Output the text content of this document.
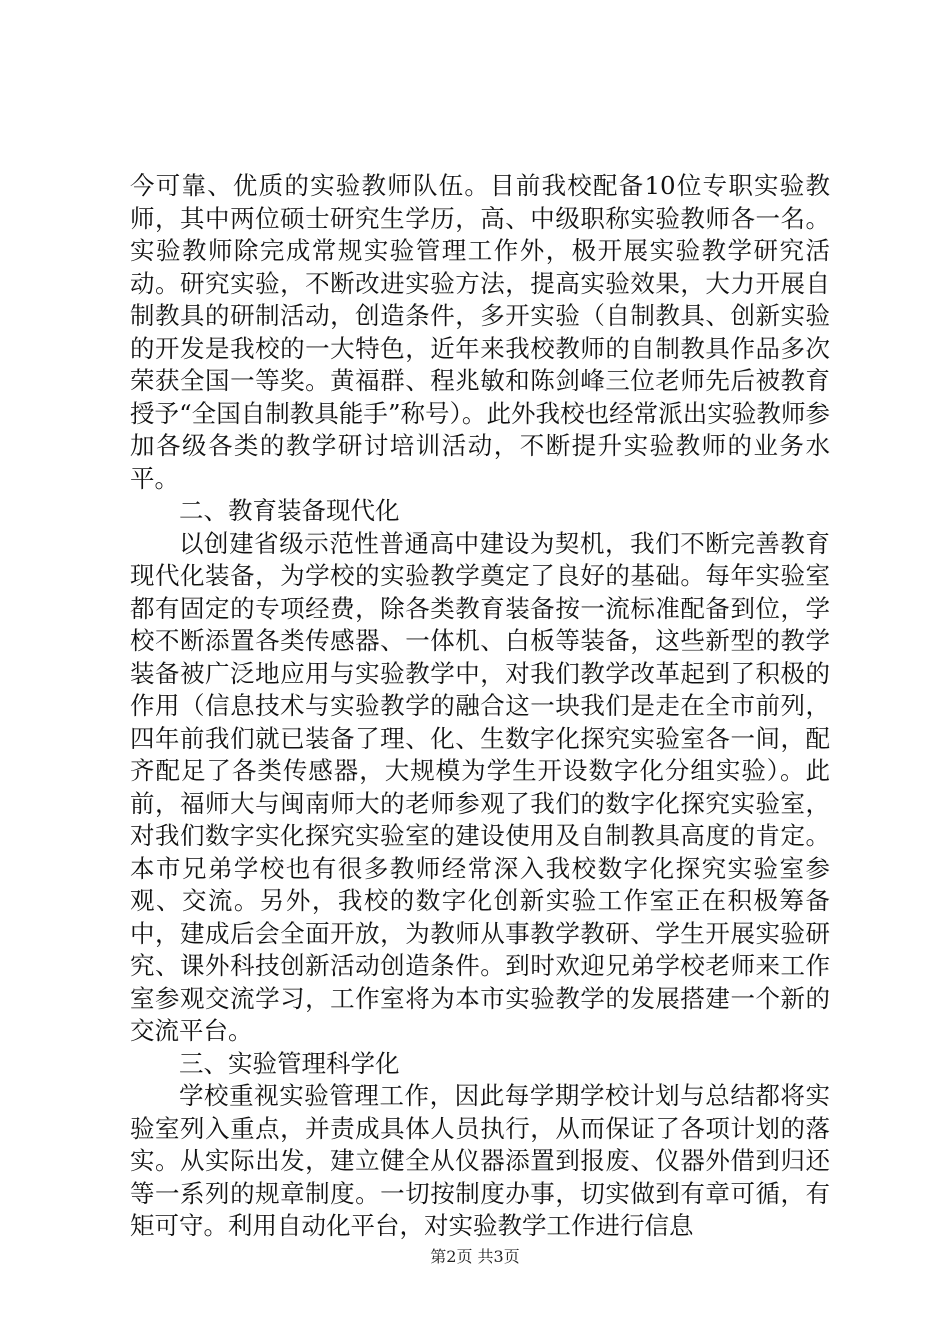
今可靠、优质的实验教师队伍。目前我校配备10位专职实验教师，其中两位硕士研究生学历，高、中级职称实验教师各一名。实验教师除完成常规实验管理工作外，极开展实验教学研究活动。研究实验，不断改进实验方法，提高实验效果，大力开展自制教具的研制活动，创造条件，多开实验（自制教具、创新实验的开发是我校的一大特色，近年来我校教师的自制教具作品多次荣获全国一等奖。黄福群、程兆敏和陈剑峰三位老师先后被教育授予“全国自制教具能手”称号）。此外我校也经常派出实验教师参加各级各类的教学研讨培训活动，不断提升实验教师的业务水平。

二、教育装备现代化

以创建省级示范性普通高中建设为契机，我们不断完善教育现代化装备，为学校的实验教学奠定了良好的基础。每年实验室都有固定的专项经费，除各类教育装备按一流标准配备到位，学校不断添置各类传感器、一体机、白板等装备，这些新型的教学装备被广泛地应用与实验教学中，对我们教学改革起到了积极的作用（信息技术与实验教学的融合这一块我们是走在全市前列，四年前我们就已装备了理、化、生数字化探究实验室各一间，配齐配足了各类传感器，大规模为学生开设数字化分组实验）。此前，福师大与闽南师大的老师参观了我们的数字化探究实验室，对我们数字实化探究实验室的建设使用及自制教具高度的肯定。本市兄弟学校也有很多教师经常深入我校数字化探究实验室参观、交流。另外，我校的数字化创新实验工作室正在积极筹备中，建成后会全面开放，为教师从事教学教研、学生开展实验研究、课外科技创新活动创造条件。到时欢迎兄弟学校老师来工作室参观交流学习，工作室将为本市实验教学的发展搭建一个新的交流平台。

三、实验管理科学化

学校重视实验管理工作，因此每学期学校计划与总结都将实验室列入重点，并责成具体人员执行，从而保证了各项计划的落实。从实际出发，建立健全从仪器添置到报废、仪器外借到归还等一系列的规章制度。一切按制度办事，切实做到有章可循，有矩可守。利用自动化平台，对实验教学工作进行信息

第2页 共3页
